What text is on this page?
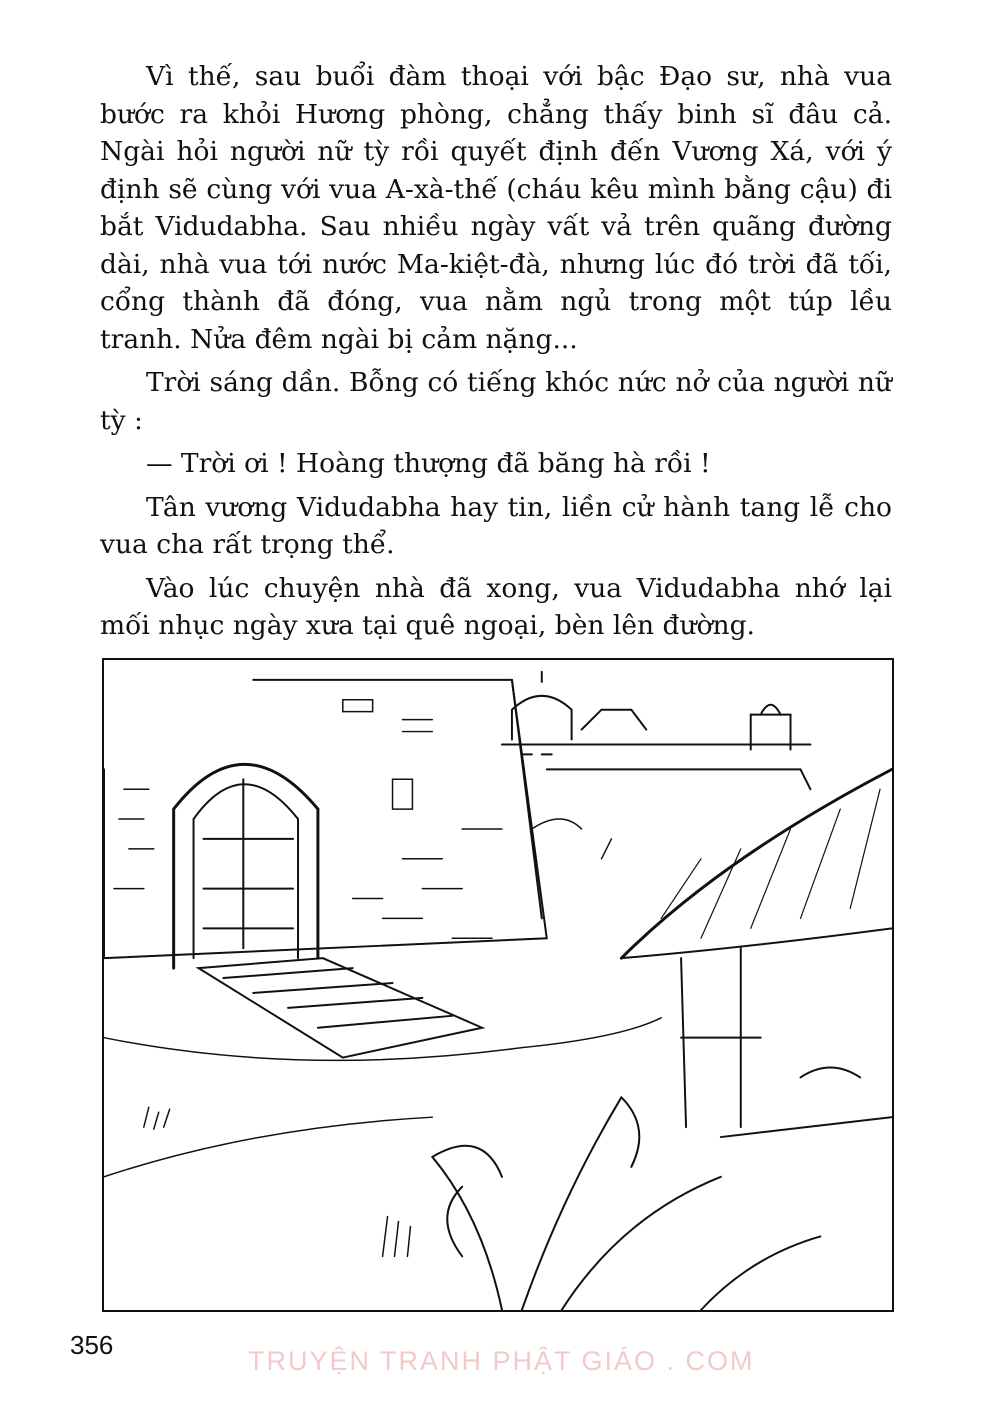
Vì thế, sau buổi đàm thoại với bậc Đạo sư, nhà vua bước ra khỏi Hương phòng, chẳng thấy binh sĩ đâu cả. Ngài hỏi người nữ tỳ rồi quyết định đến Vương Xá, với ý định sẽ cùng với vua A-xà-thế (cháu kêu mình bằng cậu) đi bắt Vidudabha. Sau nhiều ngày vất vả trên quãng đường dài, nhà vua tới nước Ma-kiệt-đà, nhưng lúc đó trời đã tối, cổng thành đã đóng, vua nằm ngủ trong một túp lều tranh. Nửa đêm ngài bị cảm nặng...

Trời sáng dần. Bỗng có tiếng khóc nức nở của người nữ tỳ :

— Trời ơi ! Hoàng thượng đã băng hà rồi !

Tân vương Vidudabha hay tin, liền cử hành tang lễ cho vua cha rất trọng thể.

Vào lúc chuyện nhà đã xong, vua Vidudabha nhớ lại mối nhục ngày xưa tại quê ngoại, bèn lên đường.

356
TRUYỆN TRANH PHẬT GIÁO . COM
